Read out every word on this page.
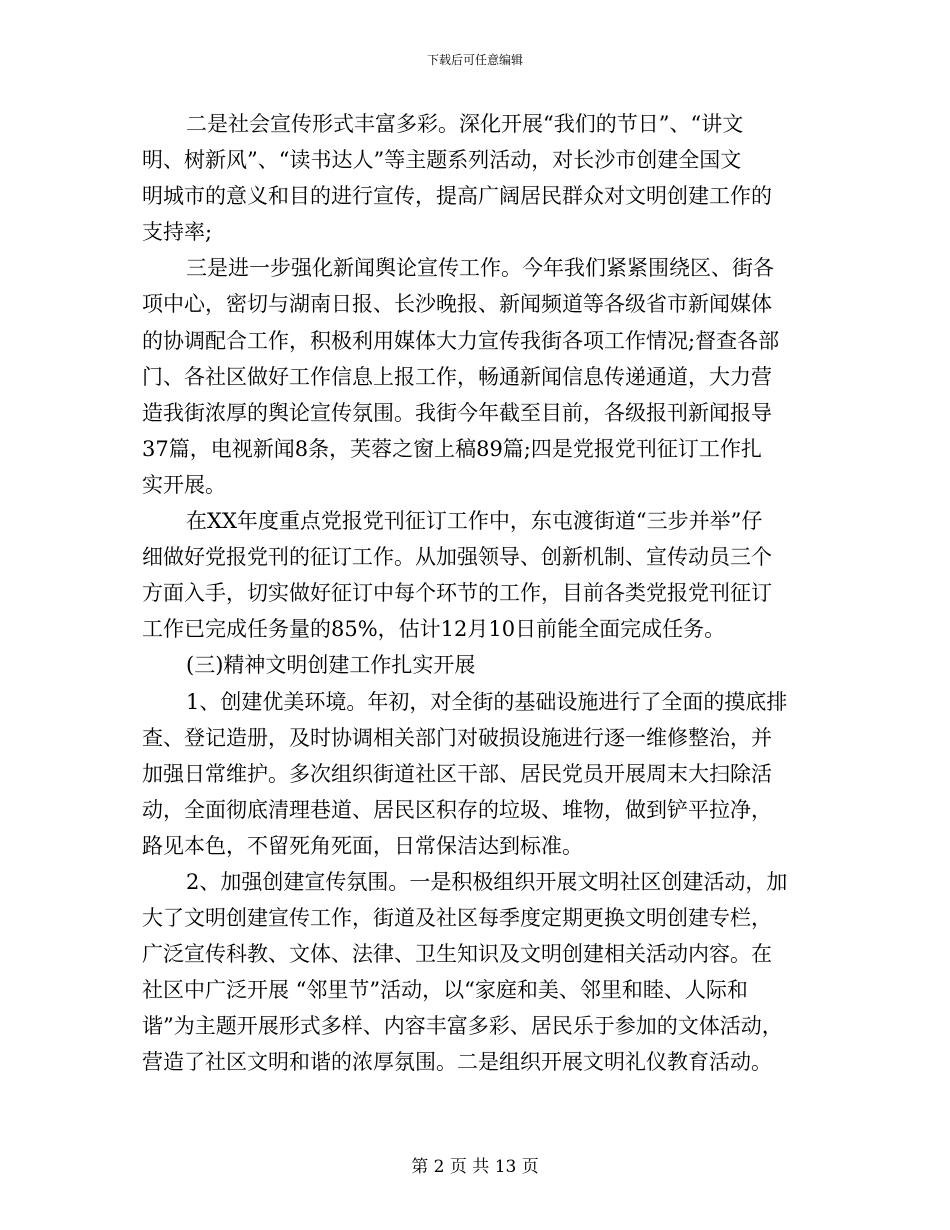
下载后可任意编辑
二是社会宣传形式丰富多彩。深化开展“我们的节日”、“讲文
明、树新风”、“读书达人”等主题系列活动，对长沙市创建全国文
明城市的意义和目的进行宣传，提高广阔居民群众对文明创建工作的
支持率;
三是进一步强化新闻舆论宣传工作。今年我们紧紧围绕区、街各
项中心，密切与湖南日报、长沙晚报、新闻频道等各级省市新闻媒体
的协调配合工作，积极利用媒体大力宣传我街各项工作情况;督查各部
门、各社区做好工作信息上报工作，畅通新闻信息传递通道，大力营
造我街浓厚的舆论宣传氛围。我街今年截至目前，各级报刊新闻报导
37篇，电视新闻8条，芙蓉之窗上稿89篇;四是党报党刊征订工作扎
实开展。
在XX年度重点党报党刊征订工作中，东屯渡街道“三步并举”仔
细做好党报党刊的征订工作。从加强领导、创新机制、宣传动员三个
方面入手，切实做好征订中每个环节的工作，目前各类党报党刊征订
工作已完成任务量的85%，估计12月10日前能全面完成任务。
(三)精神文明创建工作扎实开展
1、创建优美环境。年初，对全街的基础设施进行了全面的摸底排
查、登记造册，及时协调相关部门对破损设施进行逐一维修整治，并
加强日常维护。多次组织街道社区干部、居民党员开展周末大扫除活
动，全面彻底清理巷道、居民区积存的垃圾、堆物，做到铲平拉净，
路见本色，不留死角死面，日常保洁达到标准。
2、加强创建宣传氛围。一是积极组织开展文明社区创建活动，加
大了文明创建宣传工作，街道及社区每季度定期更换文明创建专栏，
广泛宣传科教、文体、法律、卫生知识及文明创建相关活动内容。在
社区中广泛开展 “邻里节”活动，以“家庭和美、邻里和睦、人际和
谐”为主题开展形式多样、内容丰富多彩、居民乐于参加的文体活动，
营造了社区文明和谐的浓厚氛围。二是组织开展文明礼仪教育活动。
第 2 页 共 13 页
